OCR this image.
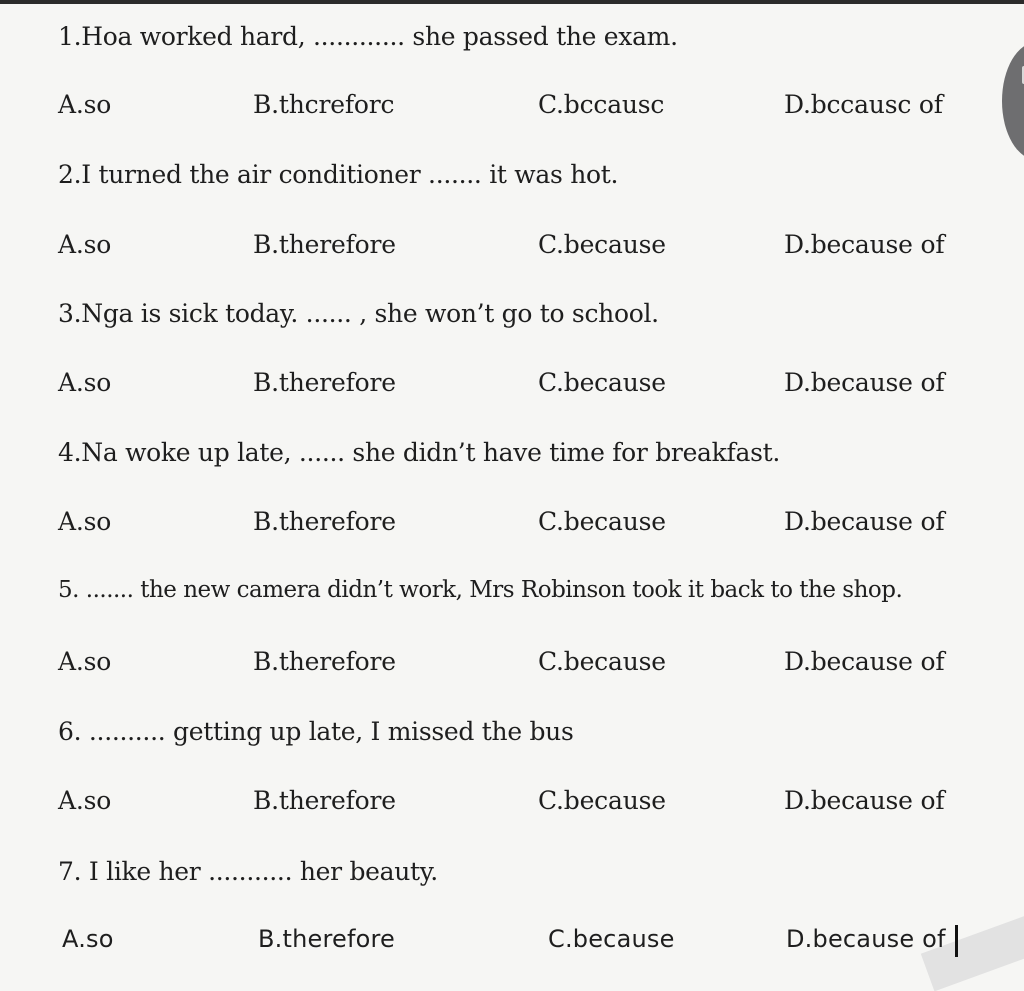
1.Hoa worked hard, ............ she passed the exam.
A.so	B.thcreforc	C.bccausc	D.bccausc of
2.I turned the air conditioner ....... it was hot.
A.so	B.therefore	C.because	D.because of
3.Nga is sick today. ...... , she won’t go to school.
A.so	B.therefore	C.because	D.because of
4.Na woke up late, ...... she didn’t have time for breakfast.
A.so	B.therefore	C.because	D.because of
5. ....... the new camera didn’t work, Mrs Robinson took it back to the shop.
A.so	B.therefore	C.because	D.because of
6. .......... getting up late, I missed the bus
A.so	B.therefore	C.because	D.because of
7. I like her ........... her beauty.
A.so	B.therefore	C.because	D.because of
